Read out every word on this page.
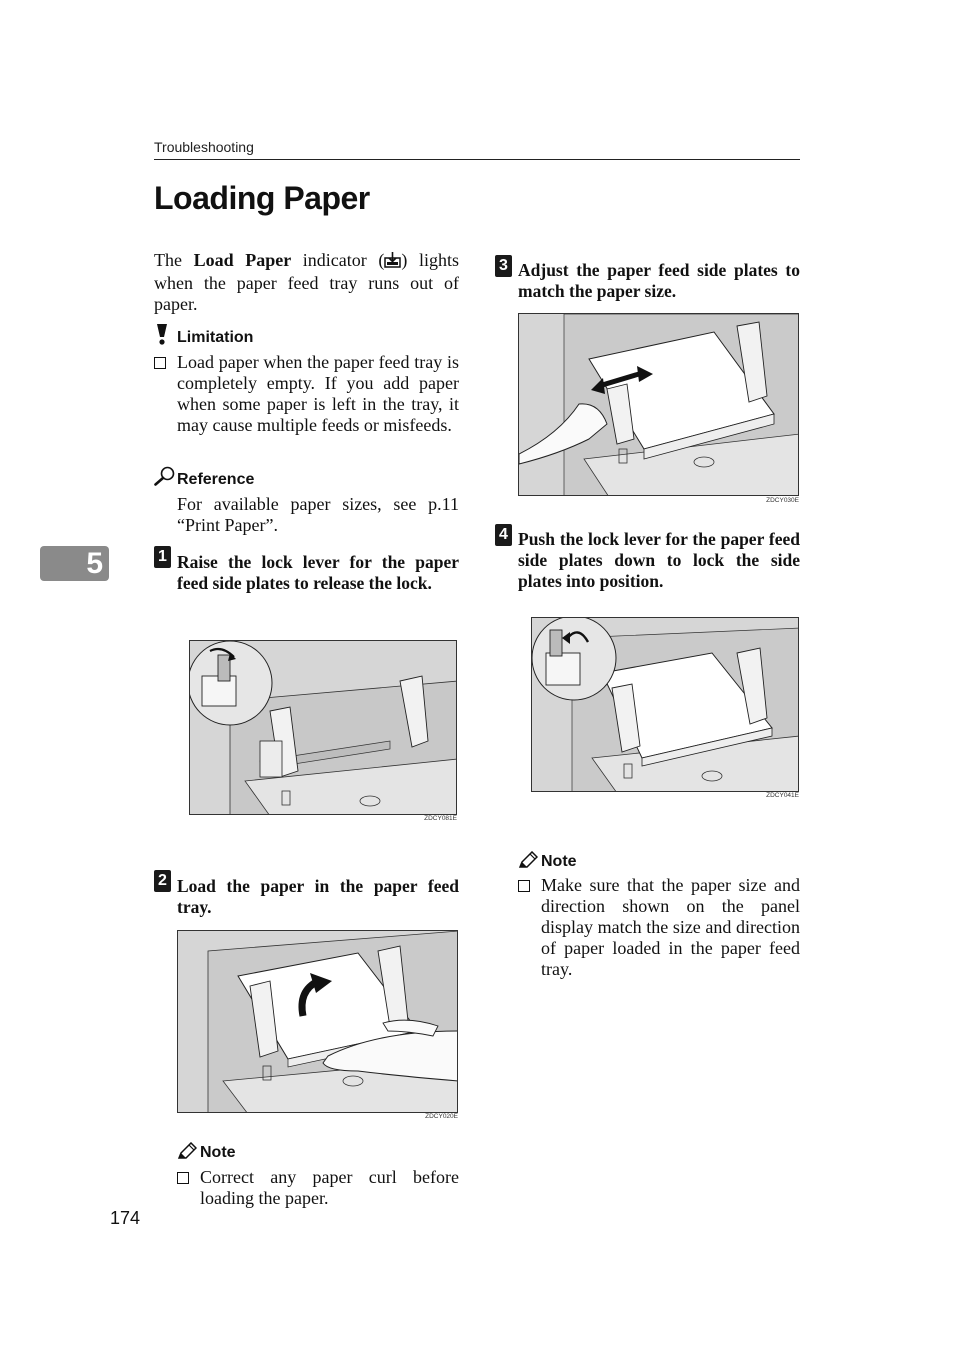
Troubleshooting
Loading Paper
The Load Paper indicator ( ) lights when the paper feed tray runs out of paper.
Limitation
Load paper when the paper feed tray is completely empty. If you add paper when some paper is left in the tray, it may cause multiple feeds or misfeeds.
Reference
For available paper sizes, see p.11 “Print Paper”.
5	1 Raise the lock lever for the paper feed side plates to release the lock.
ZDCY081E
2 Load the paper in the paper feed tray.
ZDCY020E
Note
Correct any paper curl before loading the paper.
174
3 Adjust the paper feed side plates to match the paper size.
ZDCY030E
4 Push the lock lever for the paper feed side plates down to lock the side plates into position.
ZDCY041E
Note
Make sure that the paper size and direction shown on the panel display match the size and direction of paper loaded in the paper feed tray.
